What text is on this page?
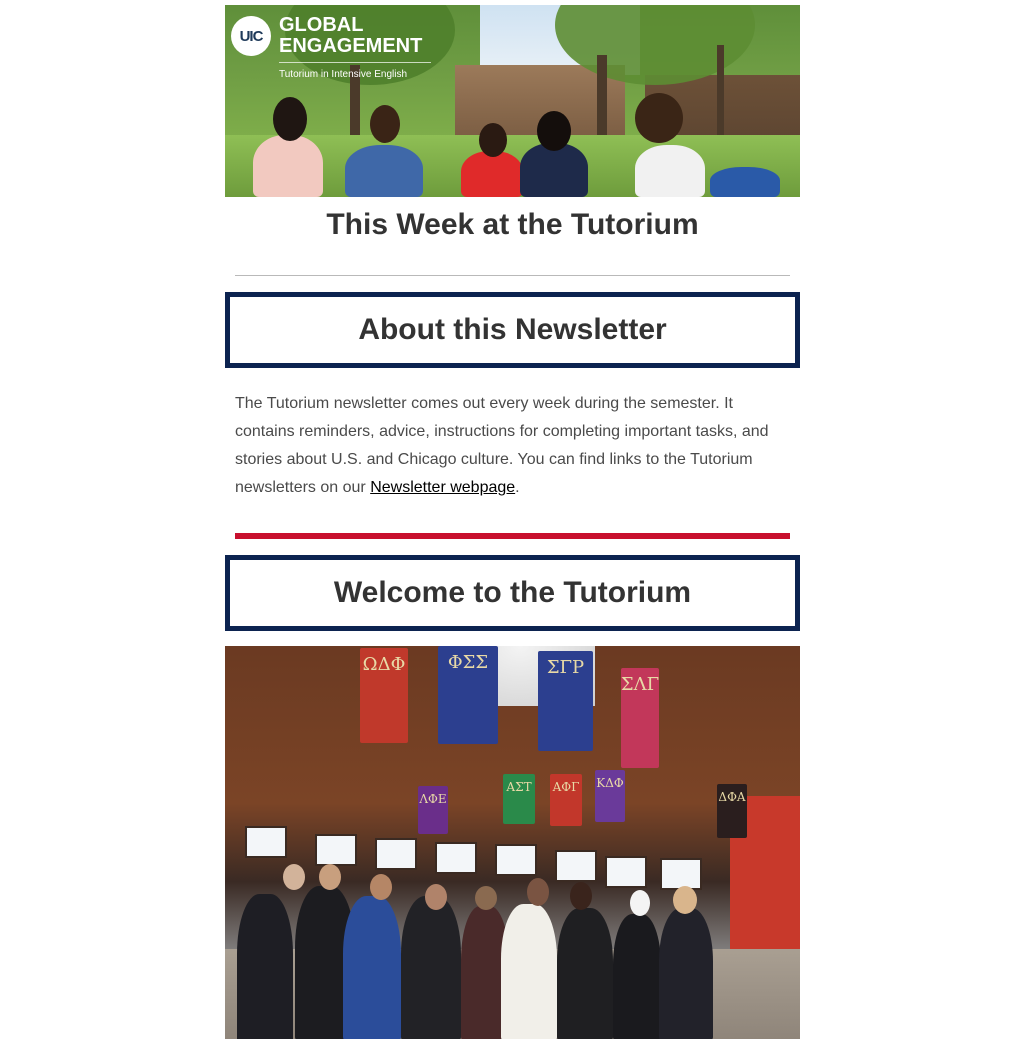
UIC GLOBAL
ENGAGEMENT
Tutorium in Intensive English
This Week at the Tutorium
About this Newsletter

The Tutorium newsletter comes out every week during the semester. It contains reminders, advice, instructions for completing important tasks, and stories about U.S. and Chicago culture. You can find links to the Tutorium newsletters on our Newsletter webpage.

Welcome to the Tutorium
ΩΔΦ	ΦΣΣ	ΣΓΡ
ΣΛΓ
ΛΦΕ
ΑΣΤ ΑΦΓ ΚΔΦ
ΔΦΑ
